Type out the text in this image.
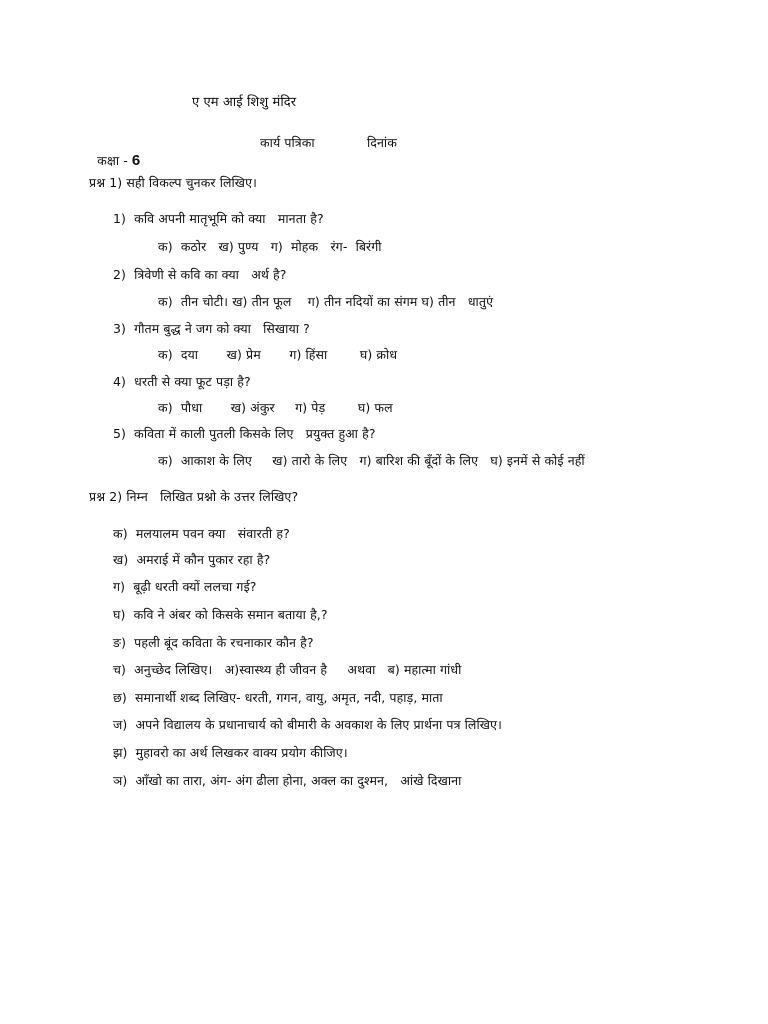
ए एम आई शिशु मंदिर

कक्षा - 6

कार्य पत्रिका	दिनांक
प्रश्न 1) सही विकल्प चुनकर लिखिए।
1)  कवि अपनी मातृभूमि को क्या   मानता है?
क)  कठोर   ख) पुण्य   ग)  मोहक   रंग-  बिरंगी
2)  त्रिवेणी से कवि का क्या   अर्थ है?
क)  तीन चोटी। ख) तीन फूल    ग) तीन नदियों का संगम घ) तीन   धातुएं
3)  गौतम बुद्ध ने जग को क्या   सिखाया ?
क)  दया       ख) प्रेम       ग) हिंसा        घ) क्रोध
4)  धरती से क्या फूट पड़ा है?
क)  पौधा       ख) अंकुर     ग) पेड़        घ) फल
5)  कविता में काली पुतली किसके लिए   प्रयुक्त हुआ है?
क)  आकाश के लिए     ख) तारो के लिए   ग) बारिश की बूँदों के लिए   घ) इनमें से कोई नहीं
प्रश्न 2) निम्न   लिखित प्रश्नो के उत्तर लिखिए?
क)  मलयालम पवन क्या   संवारती ह?
ख)  अमराई में कौन पुकार रहा है?
ग)  बूढ़ी धरती क्यों ललचा गई?
घ)  कवि ने अंबर को किसके समान बताया है,?
ङ)  पहली बूंद कविता के रचनाकार कौन है?
च)  अनुच्छेद लिखिए।   अ)स्वास्थ्य ही जीवन है     अथवा   ब) महात्मा गांधी
छ)  समानार्थी शब्द लिखिए- धरती, गगन, वायु, अमृत, नदी, पहाड़, माता
ज)  अपने विद्यालय के प्रधानाचार्य को बीमारी के अवकाश के लिए प्रार्थना पत्र लिखिए।
झ)  मुहावरो का अर्थ लिखकर वाक्य प्रयोग कीजिए।
ञ)  आँखो का तारा, अंग- अंग ढीला होना, अक्ल का दुश्मन,   आंखे दिखाना
